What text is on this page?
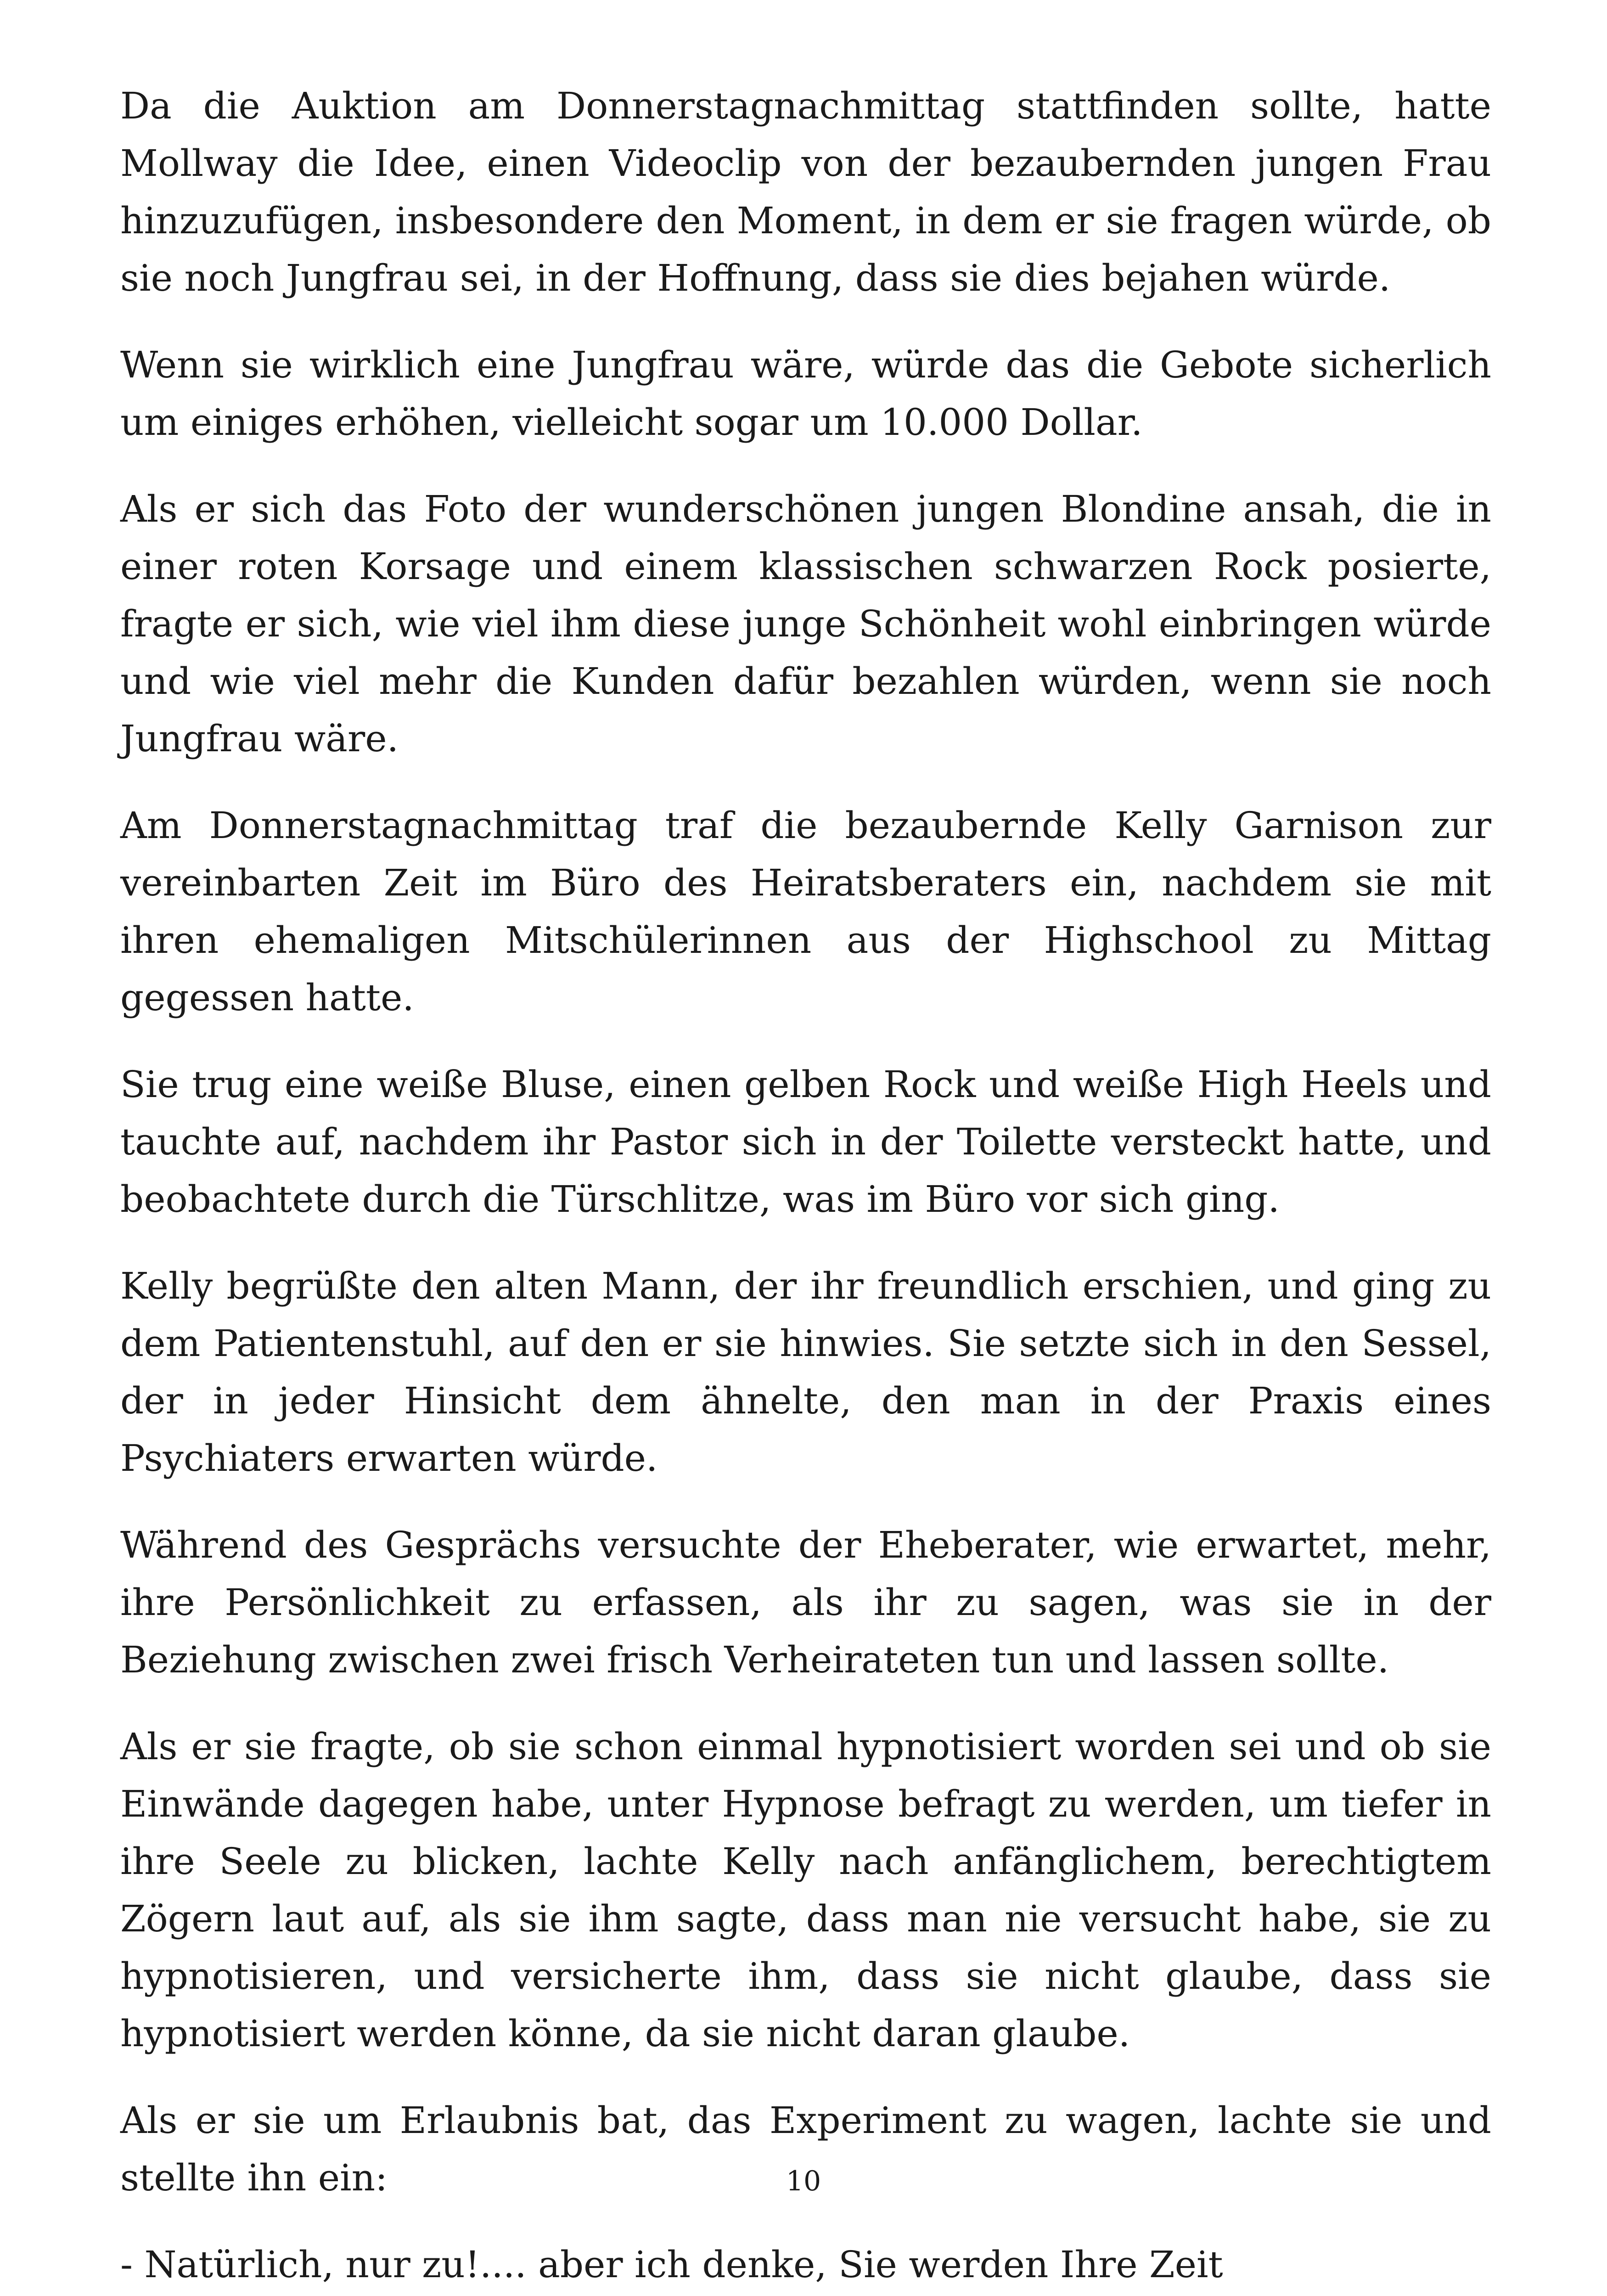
Da die Auktion am Donnerstagnachmittag stattfinden sollte, hatte Mollway die Idee, einen Videoclip von der bezaubernden jungen Frau hinzuzufügen, insbesondere den Moment, in dem er sie fragen würde, ob sie noch Jungfrau sei, in der Hoffnung, dass sie dies bejahen würde.

Wenn sie wirklich eine Jungfrau wäre, würde das die Gebote sicherlich um einiges erhöhen, vielleicht sogar um 10.000 Dollar.

Als er sich das Foto der wunderschönen jungen Blondine ansah, die in einer roten Korsage und einem klassischen schwarzen Rock posierte, fragte er sich, wie viel ihm diese junge Schönheit wohl einbringen würde und wie viel mehr die Kunden dafür bezahlen würden, wenn sie noch Jungfrau wäre.

Am Donnerstagnachmittag traf die bezaubernde Kelly Garnison zur vereinbarten Zeit im Büro des Heiratsberaters ein, nachdem sie mit ihren ehemaligen Mitschülerinnen aus der Highschool zu Mittag gegessen hatte.

Sie trug eine weiße Bluse, einen gelben Rock und weiße High Heels und tauchte auf, nachdem ihr Pastor sich in der Toilette versteckt hatte, und beobachtete durch die Türschlitze, was im Büro vor sich ging.

Kelly begrüßte den alten Mann, der ihr freundlich erschien, und ging zu dem Patientenstuhl, auf den er sie hinwies. Sie setzte sich in den Sessel, der in jeder Hinsicht dem ähnelte, den man in der Praxis eines Psychiaters erwarten würde.

Während des Gesprächs versuchte der Eheberater, wie erwartet, mehr, ihre Persönlichkeit zu erfassen, als ihr zu sagen, was sie in der Beziehung zwischen zwei frisch Verheirateten tun und lassen sollte.

Als er sie fragte, ob sie schon einmal hypnotisiert worden sei und ob sie Einwände dagegen habe, unter Hypnose befragt zu werden, um tiefer in ihre Seele zu blicken, lachte Kelly nach anfänglichem, berechtigtem Zögern laut auf, als sie ihm sagte, dass man nie versucht habe, sie zu hypnotisieren, und versicherte ihm, dass sie nicht glaube, dass sie hypnotisiert werden könne, da sie nicht daran glaube.

Als er sie um Erlaubnis bat, das Experiment zu wagen, lachte sie und stellte ihn ein:

- Natürlich, nur zu!.... aber ich denke, Sie werden Ihre Zeit

10
